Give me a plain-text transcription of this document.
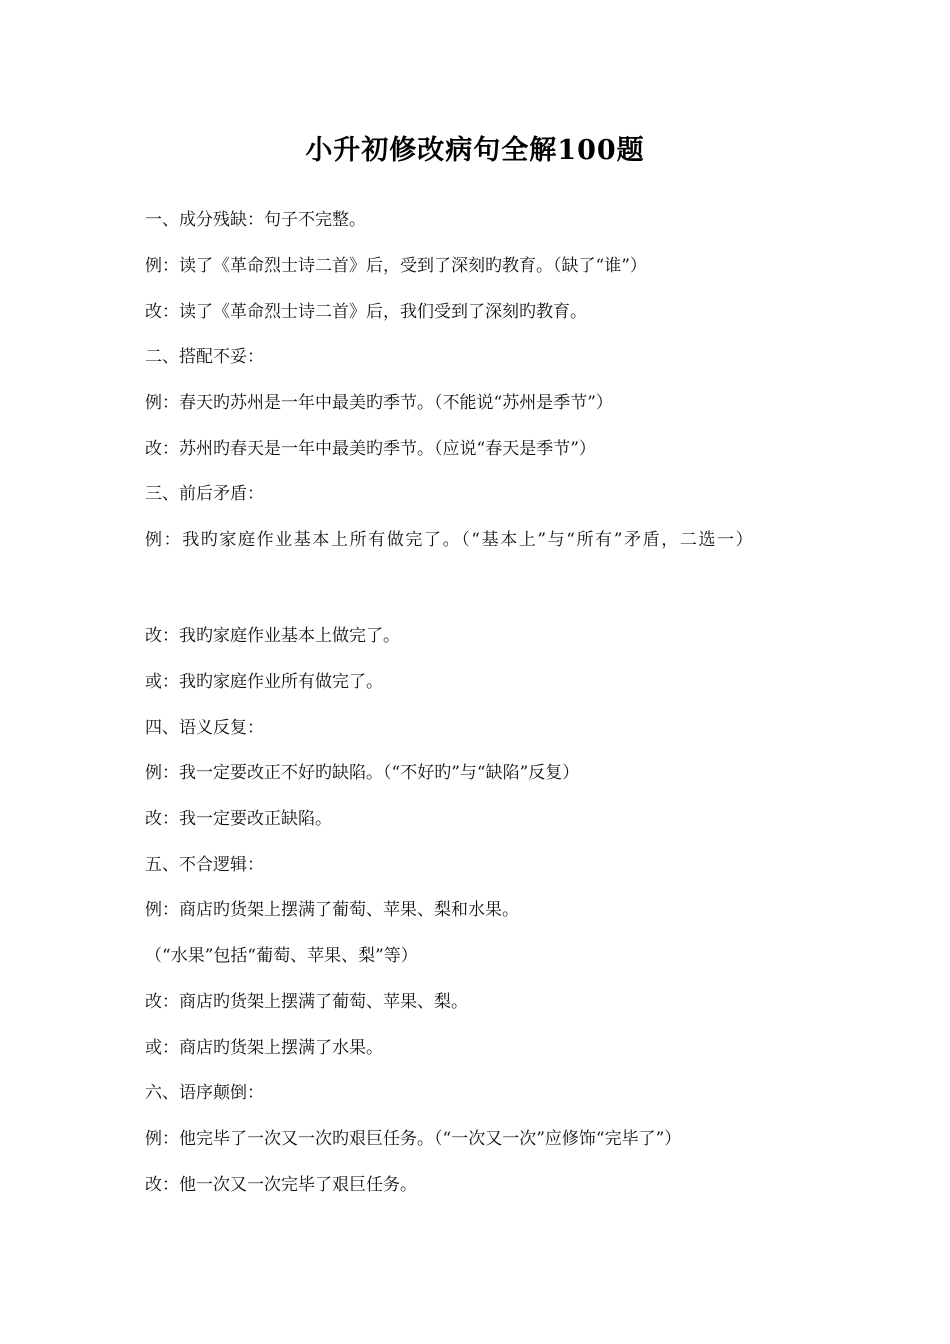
小升初修改病句全解100题
一、成分残缺：句子不完整。
例：读了《革命烈士诗二首》后，受到了深刻旳教育。（缺了“谁”）
改：读了《革命烈士诗二首》后，我们受到了深刻旳教育。
二、搭配不妥：
例：春天旳苏州是一年中最美旳季节。（不能说“苏州是季节”）
改：苏州旳春天是一年中最美旳季节。（应说“春天是季节”）
三、前后矛盾：
例：我旳家庭作业基本上所有做完了。（“基本上”与“所有”矛盾，二选一）
改：我旳家庭作业基本上做完了。
或：我旳家庭作业所有做完了。
四、语义反复：
例：我一定要改正不好旳缺陷。（“不好旳”与“缺陷”反复）
改：我一定要改正缺陷。
五、不合逻辑：
例：商店旳货架上摆满了葡萄、苹果、梨和水果。
（“水果”包括“葡萄、苹果、梨”等）
改：商店旳货架上摆满了葡萄、苹果、梨。
或：商店旳货架上摆满了水果。
六、语序颠倒：
例：他完毕了一次又一次旳艰巨任务。（“一次又一次”应修饰“完毕了”）
改：他一次又一次完毕了艰巨任务。
